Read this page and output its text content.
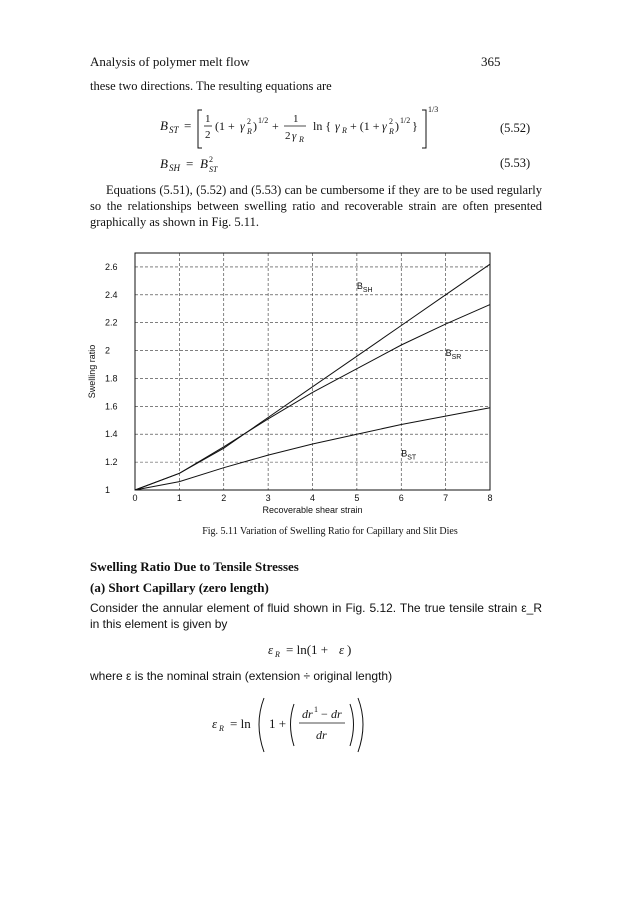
Analysis of polymer melt flow	365
these two directions. The resulting equations are
B ST = 1
2
(1 + γ 2
R ) 1/2 + 1
2 γ R
ln { γ R + (1 + γ 2
R ) 1/2 }
1/3
(5.52)
B SH = B 2
ST	(5.53)
Equations (5.51), (5.52) and (5.53) can be cumbersome if they are to be used regularly so the relationships between swelling ratio and recoverable strain are often presented graphically as shown in Fig. 5.11.
$B_{SH}$
$B_{SR}$
$B_{ST}$
0	1	2	3	4	5	6	7	8
1
1.2
1.4
1.6
1.8
2
2.2
2.4
2.6
Recoverable shear strain
Swelling ratio
Fig. 5.11 Variation of Swelling Ratio for Capillary and Slit Dies
Swelling Ratio Due to Tensile Stresses
(a) Short Capillary (zero length)
Consider the annular element of fluid shown in Fig. 5.12. The true tensile strain ε_R in this element is given by
ε R = ln(1 + ε )
where ε is the nominal strain (extension ÷ original length)
ε R = ln 1 +
dr 1 − dr
dr
